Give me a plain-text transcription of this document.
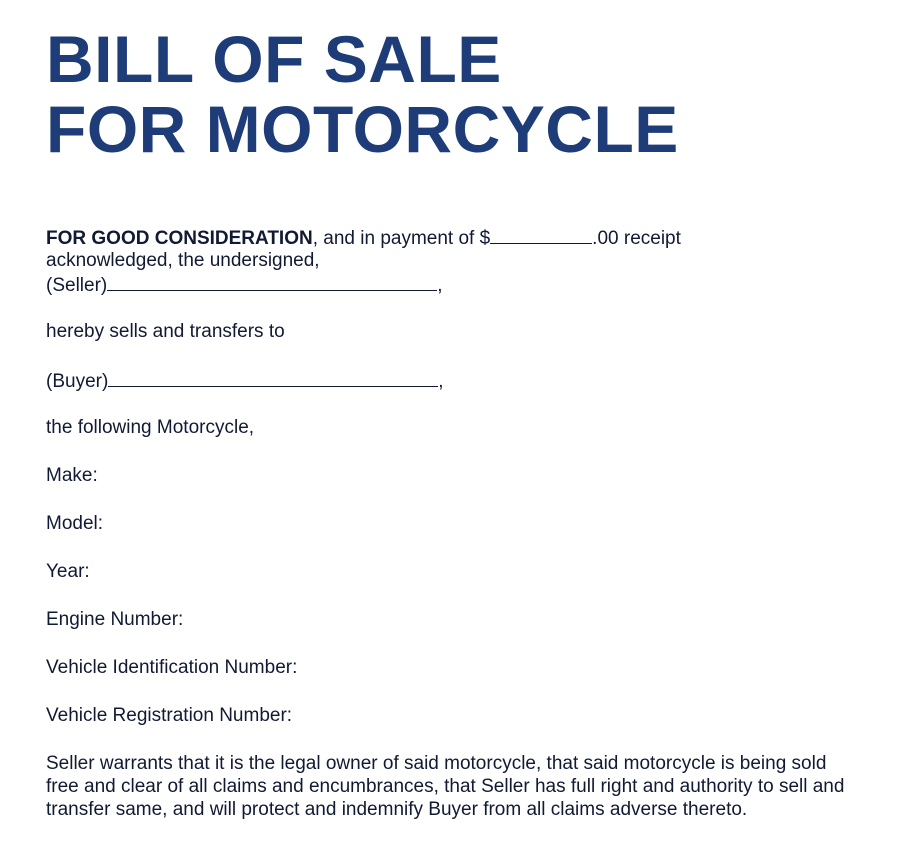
BILL OF SALE
FOR MOTORCYCLE
FOR GOOD CONSIDERATION, and in payment of $	.00 receipt
acknowledged, the undersigned,
(Seller)	,
hereby sells and transfers to
(Buyer)	,
the following Motorcycle,
Make:
Model:
Year:
Engine Number:
Vehicle Identification Number:
Vehicle Registration Number:
Seller warrants that it is the legal owner of said motorcycle, that said motorcycle is being sold free and clear of all claims and encumbrances, that Seller has full right and authority to sell and transfer same, and will protect and indemnify Buyer from all claims adverse thereto.
